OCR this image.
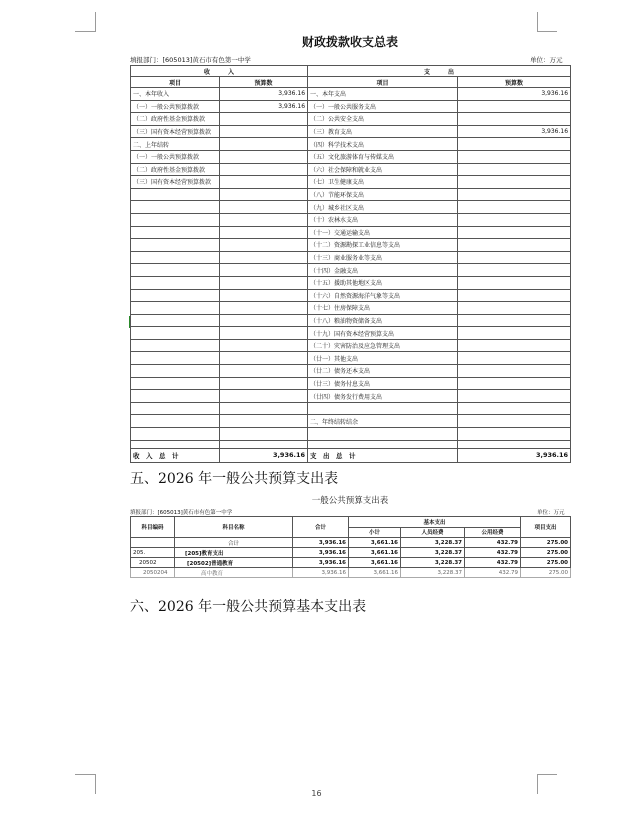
财政拨款收支总表
填报部门：[605013]黄石市有色第一中学	单位：万元
收　　　入		支　　　出	
项目	预算数	项目	预算数
一、本年收入	3,936.16	一、本年支出	3,936.16
（一）一般公共预算拨款	3,936.16	（一）一般公共服务支出	
（二）政府性基金预算拨款		（二）公共安全支出	
（三）国有资本经营预算拨款		（三）教育支出	3,936.16
二、上年结转		（四）科学技术支出	
（一）一般公共预算拨款		（五）文化旅游体育与传媒支出	
（二）政府性基金预算拨款		（六）社会保障和就业支出	
（三）国有资本经营预算拨款		（七）卫生健康支出	
		（八）节能环保支出	
		（九）城乡社区支出	
		（十）农林水支出	
		（十一）交通运输支出	
		（十二）资源勘探工业信息等支出	
		（十三）商业服务业等支出	
		（十四）金融支出	
		（十五）援助其他地区支出	
		（十六）自然资源海洋气象等支出	
		（十七）住房保障支出	
		（十八）粮油物资储备支出	
		（十九）国有资本经营预算支出	
		（二十）灾害防治及应急管理支出	
		（廿一）其他支出	
		（廿二）债务还本支出	
		（廿三）债务付息支出	
		（廿四）债务发行费用支出	

		二、年终结转结余	

收　入　总　计	3,936.16	支　出　总　计	3,936.16
五、2026 年一般公共预算支出表
一般公共预算支出表
填报部门：[605013]黄石市有色第一中学	单位：万元
科目编码	科目名称	合计	基本支出			项目支出
			小计	人员经费	公用经费	
	合计	3,936.16	3,661.16	3,228.37	432.79	275.00
205.	[205]教育支出	3,936.16	3,661.16	3,228.37	432.79	275.00
20502	[20502]普通教育	3,936.16	3,661.16	3,228.37	432.79	275.00
2050204	高中教育	3,936.16	3,661.16	3,228.37	432.79	275.00
六、2026 年一般公共预算基本支出表
16
